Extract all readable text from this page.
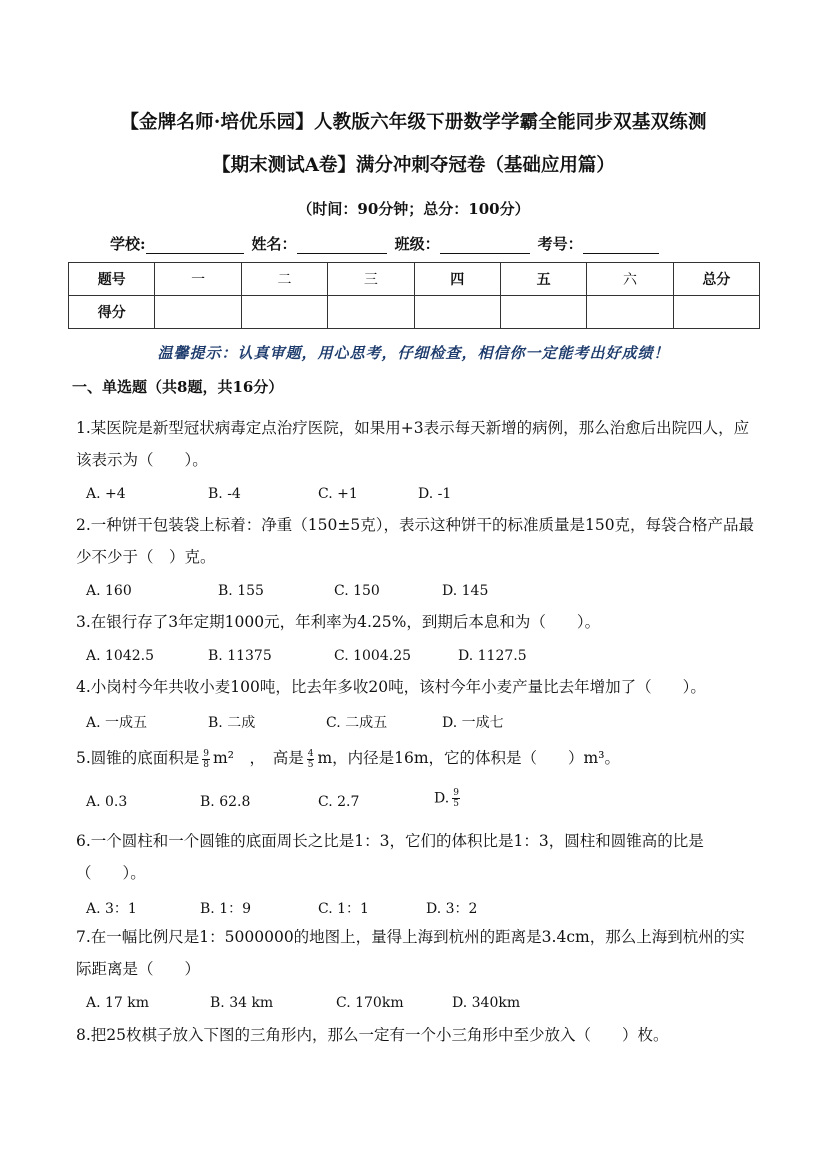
【金牌名师·培优乐园】人教版六年级下册数学学霸全能同步双基双练测
【期末测试A卷】满分冲刺夺冠卷（基础应用篇）
（时间：90分钟；总分：100分）
学校:	姓名：	班级：	考号：
题号	一	二	三	四	五	六	总分
得分							
温馨提示：认真审题，用心思考，仔细检查，相信你一定能考出好成绩！
一、单选题（共8题，共16分）
1.某医院是新型冠状病毒定点治疗医院，如果用+3表示每天新增的病例，那么治愈后出院四人，应该表示为（　　）。
A. +4	B. -4	C. +1	D. -1
2.一种饼干包装袋上标着：净重（150±5克），表示这种饼干的标准质量是150克，每袋合格产品最少不少于（　）克。
A. 160	B. 155	C. 150	D. 145
3.在银行存了3年定期1000元，年利率为4.25%，到期后本息和为（　　）。
A. 1042.5	B. 11375	C. 1004.25	D. 1127.5
4.小岗村今年共收小麦100吨，比去年多收20吨，该村今年小麦产量比去年增加了（　　）。
A. 一成五	B. 二成	C. 二成五	D. 一成七
5.圆锥的底面积是 $\frac{9}{8} m^2$　，　高是 $\frac{4}{5}$ m，内径是16m，它的体积是（　　）m³。
A. 0.3	B. 62.8	C. 2.7	D. $\frac{9}{5}$
6.一个圆柱和一个圆锥的底面周长之比是1：3，它们的体积比是1：3，圆柱和圆锥高的比是（　　）。
A. 3：1	B. 1：9	C. 1：1	D. 3：2
7.在一幅比例尺是1：5000000的地图上，量得上海到杭州的距离是3.4cm，那么上海到杭州的实际距离是（　　）
A. 17 km	B. 34 km	C. 170km	D. 340km
8.把25枚棋子放入下图的三角形内，那么一定有一个小三角形中至少放入（　　）枚。
